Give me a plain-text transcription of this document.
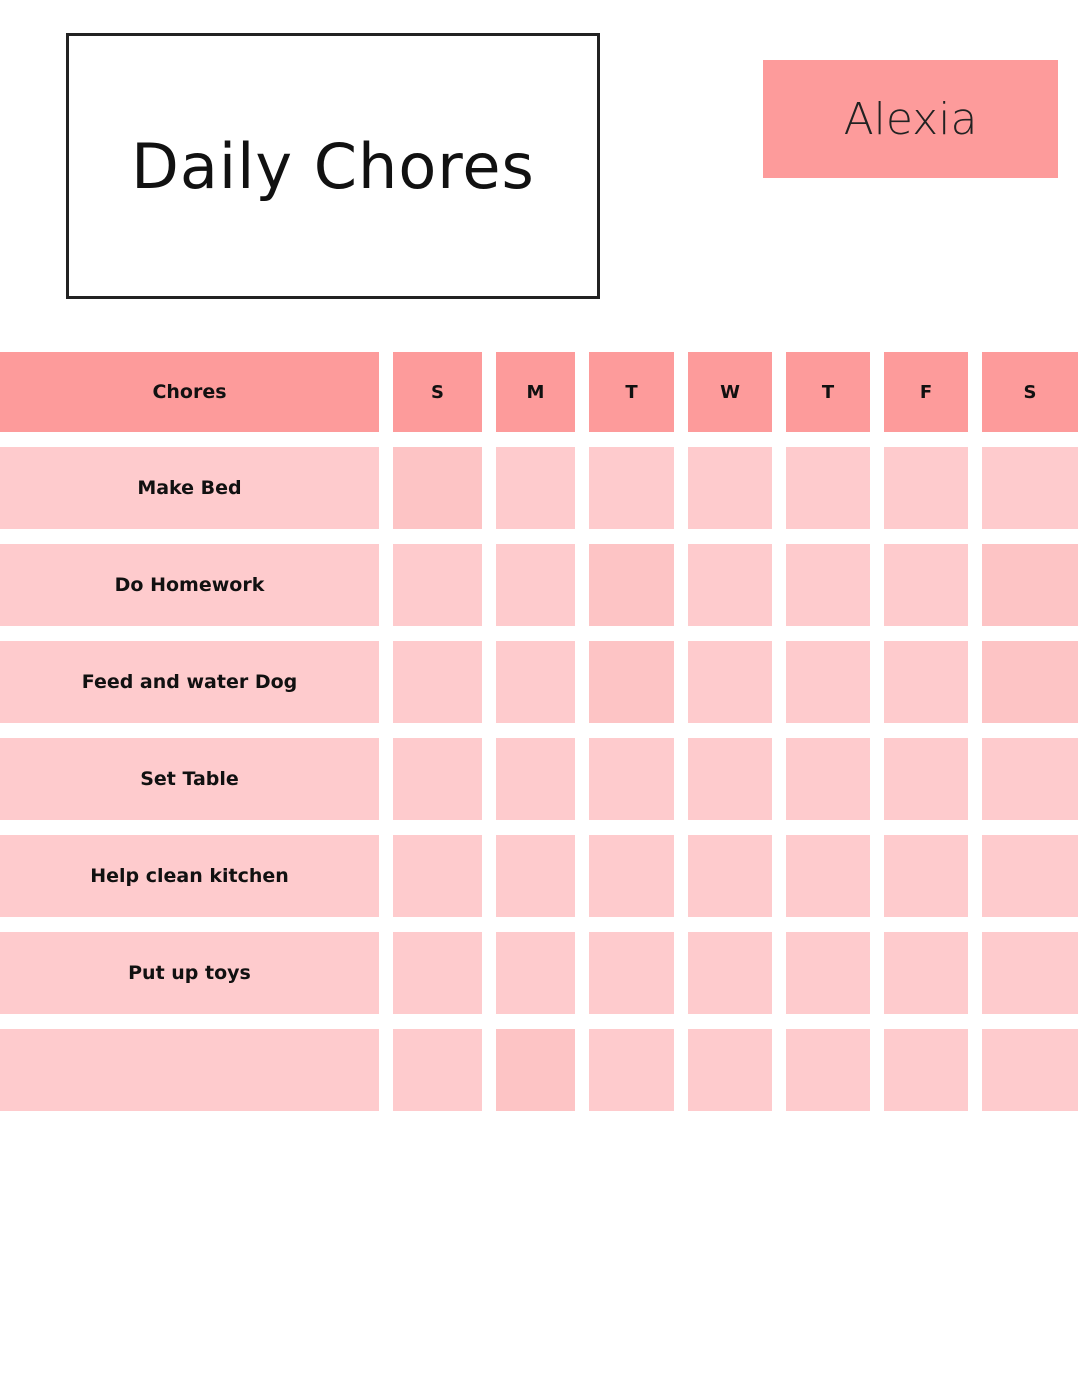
Daily Chores
Alexia
Chores	S	M	T	W	T	F	S
Make Bed
Do Homework
Feed and water Dog
Set Table
Help clean kitchen
Put up toys
